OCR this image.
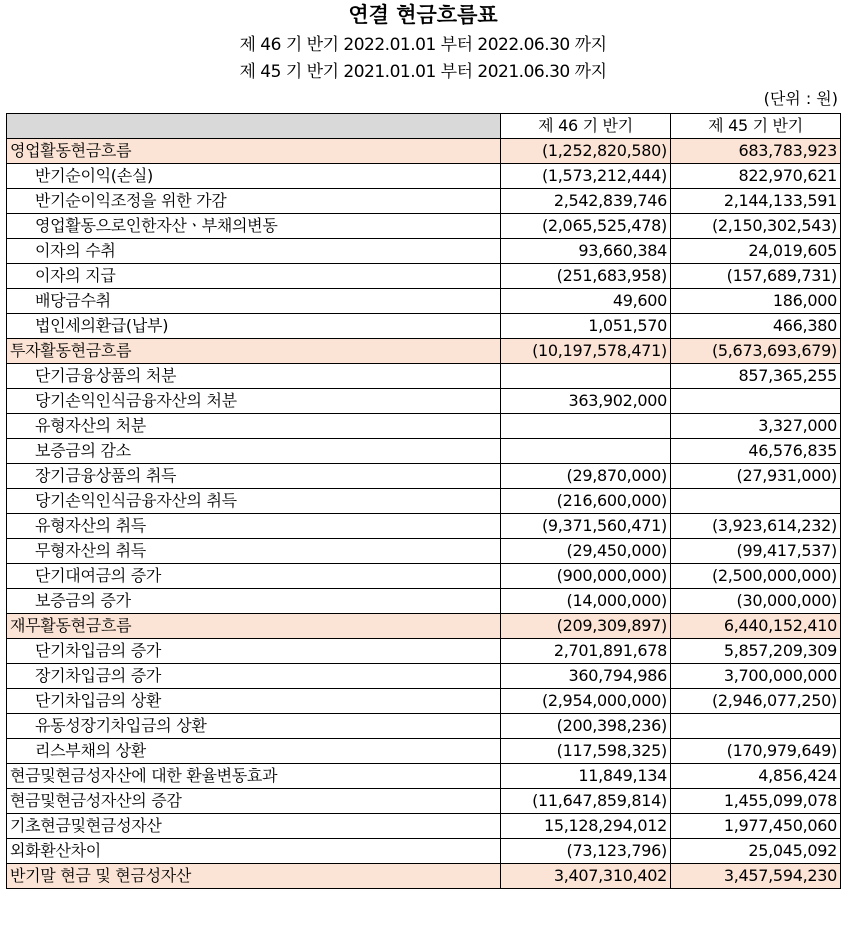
연결 현금흐름표
제 46 기 반기 2022.01.01 부터 2022.06.30 까지
제 45 기 반기 2021.01.01 부터 2021.06.30 까지
(단위 : 원)
	제 46 기 반기	제 45 기 반기
영업활동현금흐름	(1,252,820,580)	683,783,923
반기순이익(손실)	(1,573,212,444)	822,970,621
반기순이익조정을 위한 가감	2,542,839,746	2,144,133,591
영업활동으로인한자산ㆍ부채의변동	(2,065,525,478)	(2,150,302,543)
이자의 수취	93,660,384	24,019,605
이자의 지급	(251,683,958)	(157,689,731)
배당금수취	49,600	186,000
법인세의환급(납부)	1,051,570	466,380
투자활동현금흐름	(10,197,578,471)	(5,673,693,679)
단기금융상품의 처분		857,365,255
당기손익인식금융자산의 처분	363,902,000	
유형자산의 처분		3,327,000
보증금의 감소		46,576,835
장기금융상품의 취득	(29,870,000)	(27,931,000)
당기손익인식금융자산의 취득	(216,600,000)	
유형자산의 취득	(9,371,560,471)	(3,923,614,232)
무형자산의 취득	(29,450,000)	(99,417,537)
단기대여금의 증가	(900,000,000)	(2,500,000,000)
보증금의 증가	(14,000,000)	(30,000,000)
재무활동현금흐름	(209,309,897)	6,440,152,410
단기차입금의 증가	2,701,891,678	5,857,209,309
장기차입금의 증가	360,794,986	3,700,000,000
단기차입금의 상환	(2,954,000,000)	(2,946,077,250)
유동성장기차입금의 상환	(200,398,236)	
리스부채의 상환	(117,598,325)	(170,979,649)
현금및현금성자산에 대한 환율변동효과	11,849,134	4,856,424
현금및현금성자산의 증감	(11,647,859,814)	1,455,099,078
기초현금및현금성자산	15,128,294,012	1,977,450,060
외화환산차이	(73,123,796)	25,045,092
반기말 현금 및 현금성자산	3,407,310,402	3,457,594,230
